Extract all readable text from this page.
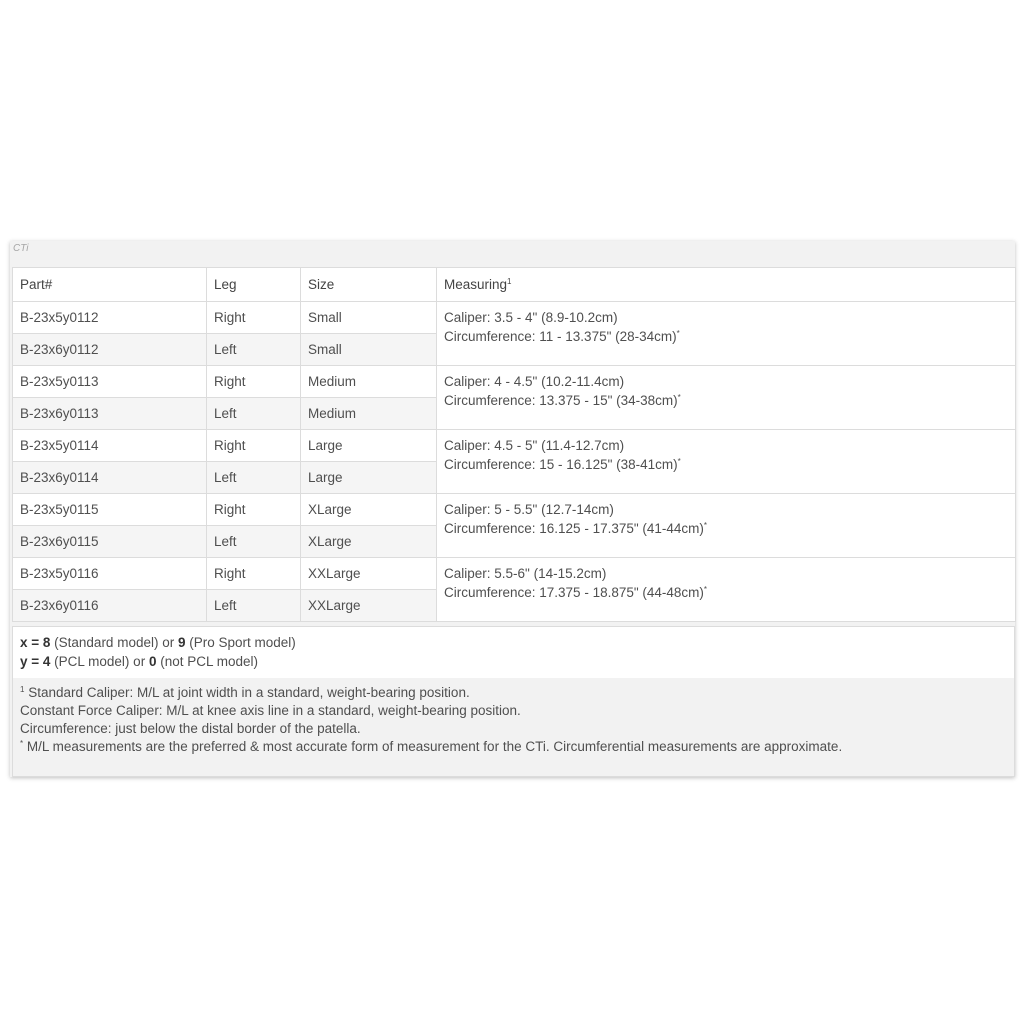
CTi
Part#	Leg	Size	Measuring$^1$
B-23x5y0112	Right	Small	Caliper: 3.5 - 4" (8.9-10.2cm)
Circumference: 11 - 13.375" (28-34cm)*

B-23x6y0112	Left	Small	
B-23x5y0113	Right	Medium	Caliper: 4 - 4.5" (10.2-11.4cm)
Circumference: 13.375 - 15" (34-38cm)*

B-23x6y0113	Left	Medium	
B-23x5y0114	Right	Large	Caliper: 4.5 - 5" (11.4-12.7cm)
Circumference: 15 - 16.125" (38-41cm)*

B-23x6y0114	Left	Large	
B-23x5y0115	Right	XLarge	Caliper: 5 - 5.5" (12.7-14cm)
Circumference: 16.125 - 17.375" (41-44cm)*

B-23x6y0115	Left	XLarge	
B-23x5y0116	Right	XXLarge	Caliper: 5.5-6" (14-15.2cm)
Circumference: 17.375 - 18.875" (44-48cm)*

B-23x6y0116	Left	XXLarge	
x = 8 (Standard model) or 9 (Pro Sport model)
y = 4 (PCL model) or 0 (not PCL model)
$^1$ Standard Caliper: M/L at joint width in a standard, weight-bearing position.
Constant Force Caliper: M/L at knee axis line in a standard, weight-bearing position.
Circumference: just below the distal border of the patella.
* M/L measurements are the preferred & most accurate form of measurement for the CTi. Circumferential measurements are approximate.
